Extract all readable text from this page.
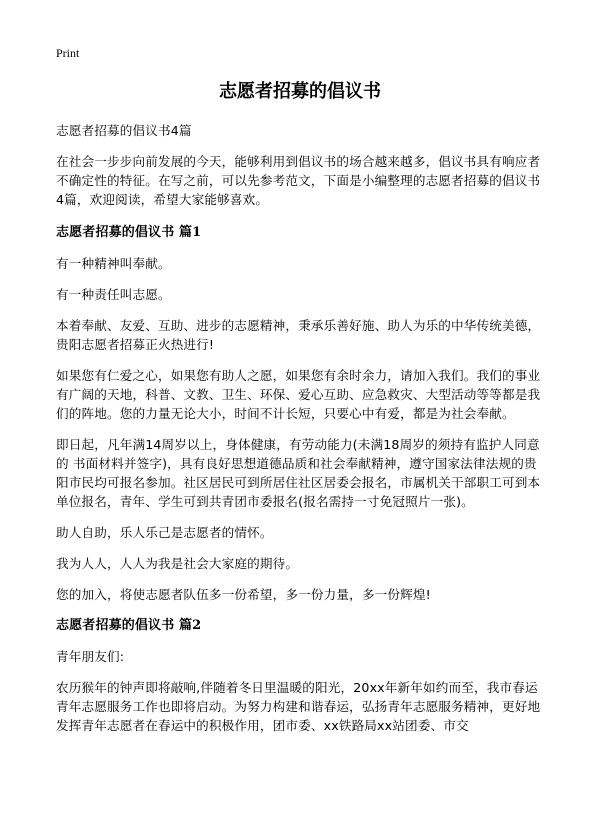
Print
志愿者招募的倡议书

志愿者招募的倡议书4篇

在社会一步步向前发展的今天，能够利用到倡议书的场合越来越多，倡议书具有响应者不确定性的特征。在写之前，可以先参考范文，下面是小编整理的志愿者招募的倡议书4篇，欢迎阅读，希望大家能够喜欢。

志愿者招募的倡议书 篇1

有一种精神叫奉献。

有一种责任叫志愿。

本着奉献、友爱、互助、进步的志愿精神，秉承乐善好施、助人为乐的中华传统美德，贵阳志愿者招募正火热进行!

如果您有仁爱之心，如果您有助人之愿，如果您有余时余力，请加入我们。我们的事业有广阔的天地，科普、文教、卫生、环保、爱心互助、应急救灾、大型活动等等都是我们的阵地。您的力量无论大小，时间不计长短，只要心中有爱，都是为社会奉献。

即日起，凡年满14周岁以上，身体健康，有劳动能力(未满18周岁的须持有监护人同意的 书面材料并签字)，具有良好思想道德品质和社会奉献精神，遵守国家法律法规的贵阳市民均可报名参加。社区居民可到所居住社区居委会报名，市属机关干部职工可到本单位报名，青年、学生可到共青团市委报名(报名需持一寸免冠照片一张)。

助人自助，乐人乐己是志愿者的情怀。

我为人人，人人为我是社会大家庭的期待。

您的加入，将使志愿者队伍多一份希望，多一份力量，多一份辉煌!

志愿者招募的倡议书 篇2

青年朋友们:

农历猴年的钟声即将敲响,伴随着冬日里温暖的阳光，20xx年新年如约而至，我市春运青年志愿服务工作也即将启动。为努力构建和谐春运，弘扬青年志愿服务精神，更好地发挥青年志愿者在春运中的积极作用，团市委、xx铁路局xx站团委、市交
